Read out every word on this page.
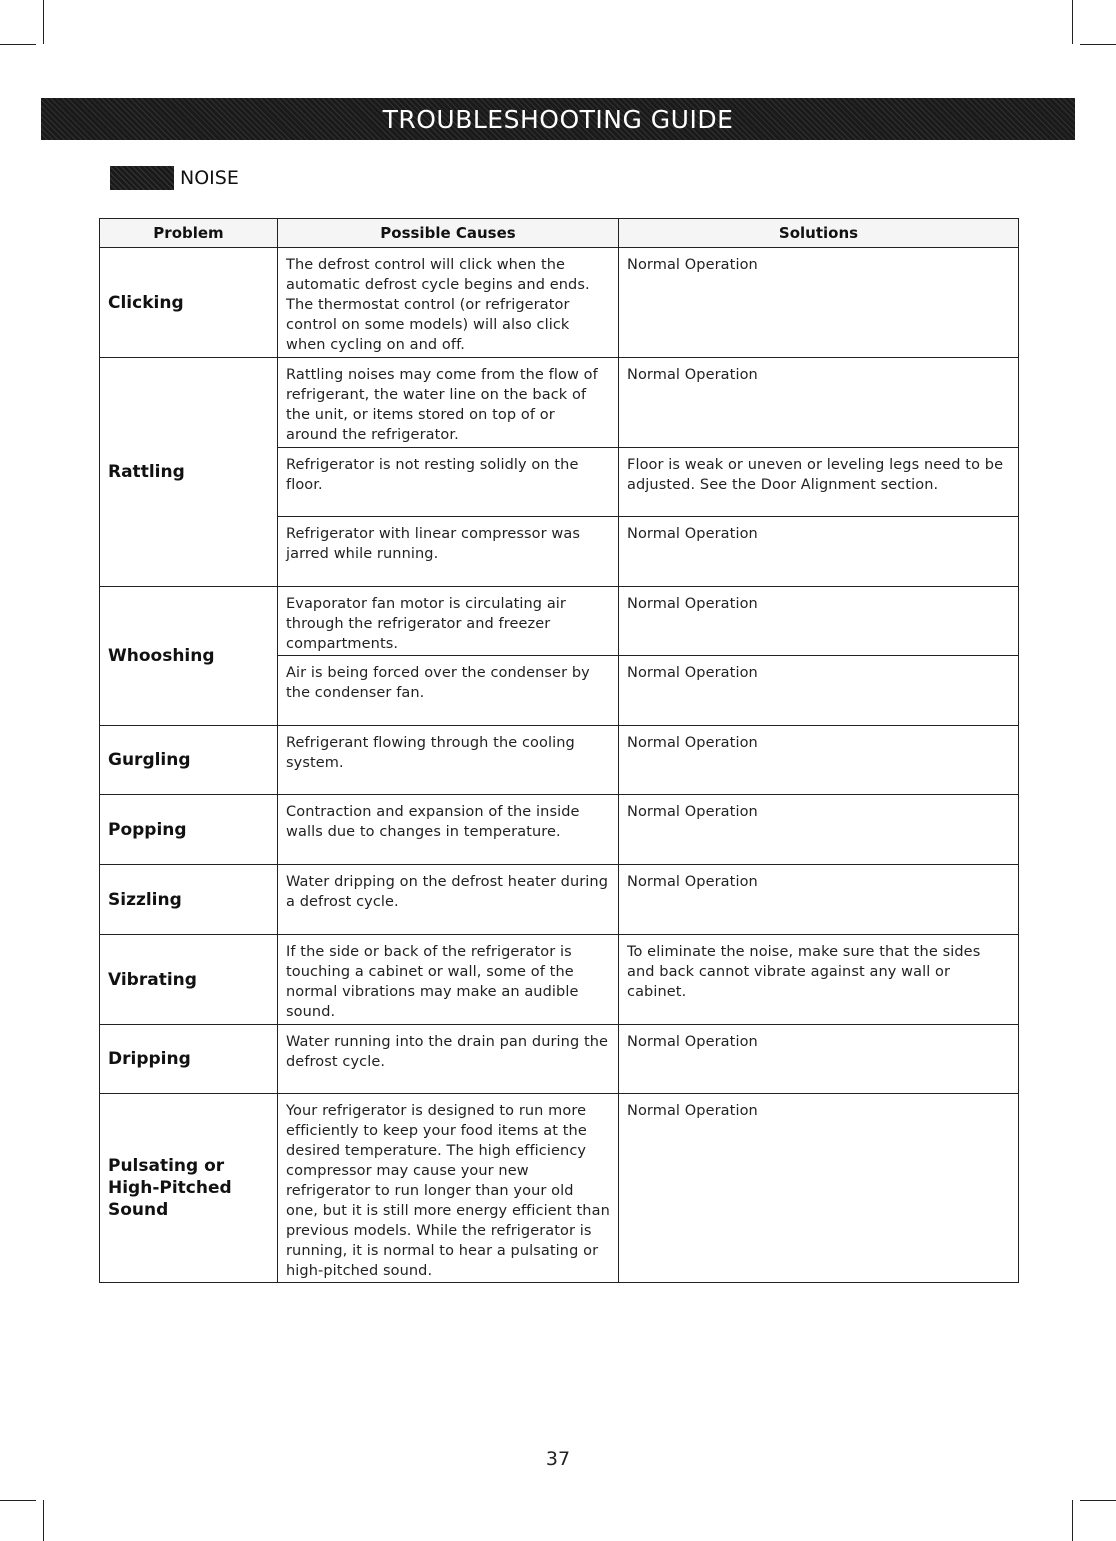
TROUBLESHOOTING GUIDE
NOISE
Problem	Possible Causes	Solutions
Clicking	The defrost control will click when the automatic defrost cycle begins and ends. The thermostat control (or refrigerator control on some models) will also click when cycling on and off.	Normal Operation
Rattling	Rattling noises may come from the flow of refrigerant, the water line on the back of the unit, or items stored on top of or around the refrigerator.	Normal Operation
	Refrigerator is not resting solidly on the floor.	Floor is weak or uneven or leveling legs need to be adjusted. See the Door Alignment section.
	Refrigerator with linear compressor was jarred while running.	Normal Operation
Whooshing	Evaporator fan motor is circulating air through the refrigerator and freezer compartments.	Normal Operation
	Air is being forced over the condenser by the condenser fan.	Normal Operation
Gurgling	Refrigerant flowing through the cooling system.	Normal Operation
Popping	Contraction and expansion of the inside walls due to changes in temperature.	Normal Operation
Sizzling	Water dripping on the defrost heater during a defrost cycle.	Normal Operation
Vibrating	If the side or back of the refrigerator is touching a cabinet or wall, some of the normal vibrations may make an audible sound.	To eliminate the noise, make sure that the sides and back cannot vibrate against any wall or cabinet.
Dripping	Water running into the drain pan during the defrost cycle.	Normal Operation
Pulsating or High-Pitched Sound	Your refrigerator is designed to run more efficiently to keep your food items at the desired temperature. The high efficiency compressor may cause your new refrigerator to run longer than your old one, but it is still more energy efficient than previous models. While the refrigerator is running, it is normal to hear a pulsating or high-pitched sound.	Normal Operation
37
